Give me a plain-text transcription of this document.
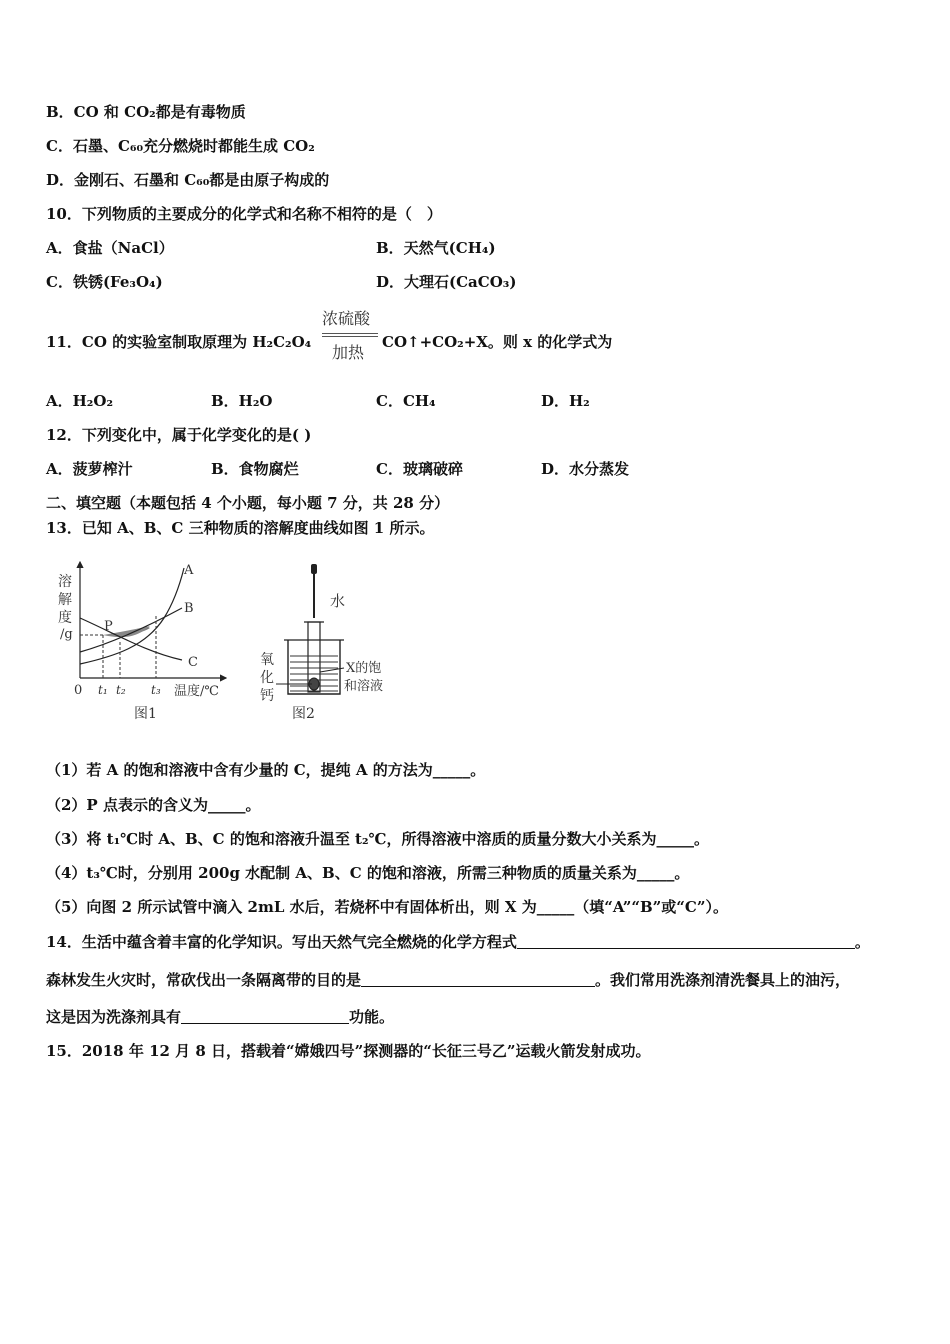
B．CO 和 CO₂都是有毒物质
C．石墨、C₆₀充分燃烧时都能生成 CO₂
D．金刚石、石墨和 C₆₀都是由原子构成的
10．下列物质的主要成分的化学式和名称不相符的是（　）
A．食盐（NaCl）	B．天然气(CH₄)
C．铁锈(Fe₃O₄)	D．大理石(CaCO₃)
11．CO 的实验室制取原理为 H₂C₂O₄
浓硫酸
加热
CO↑+CO₂+X。则 x 的化学式为
A．H₂O₂	B．H₂O	C．CH₄	D．H₂
12．下列变化中，属于化学变化的是( )
A．菠萝榨汁	B．食物腐烂	C．玻璃破碎	D．水分蒸发
二、填空题（本题包括 4 个小题，每小题 7 分，共 28 分）
13．已知 A、B、C 三种物质的溶解度曲线如图 1 所示。
溶
解
度
/g
A
B
C
P
0 t₁ t₂ t₃ 温度/℃
图1
水
X的饱
和溶液
氧
化
钙
图2
（1）若 A 的饱和溶液中含有少量的 C，提纯 A 的方法为_____。
（2）P 点表示的含义为_____。
（3）将 t₁℃时 A、B、C 的饱和溶液升温至 t₂℃，所得溶液中溶质的质量分数大小关系为_____。
（4）t₃℃时，分别用 200g 水配制 A、B、C 的饱和溶液，所需三种物质的质量关系为_____。
（5）向图 2 所示试管中滴入 2mL 水后，若烧杯中有固体析出，则 X 为_____（填“A”“B”或“C”）。
14．生活中蕴含着丰富的化学知识。写出天然气完全燃烧的化学方程式	。
森林发生火灾时，常砍伐出一条隔离带的目的是	。我们常用洗涤剂清洗餐具上的油污，
这是因为洗涤剂具有	功能。
15．2018 年 12 月 8 日，搭载着“嫦娥四号”探测器的“长征三号乙”运载火箭发射成功。
